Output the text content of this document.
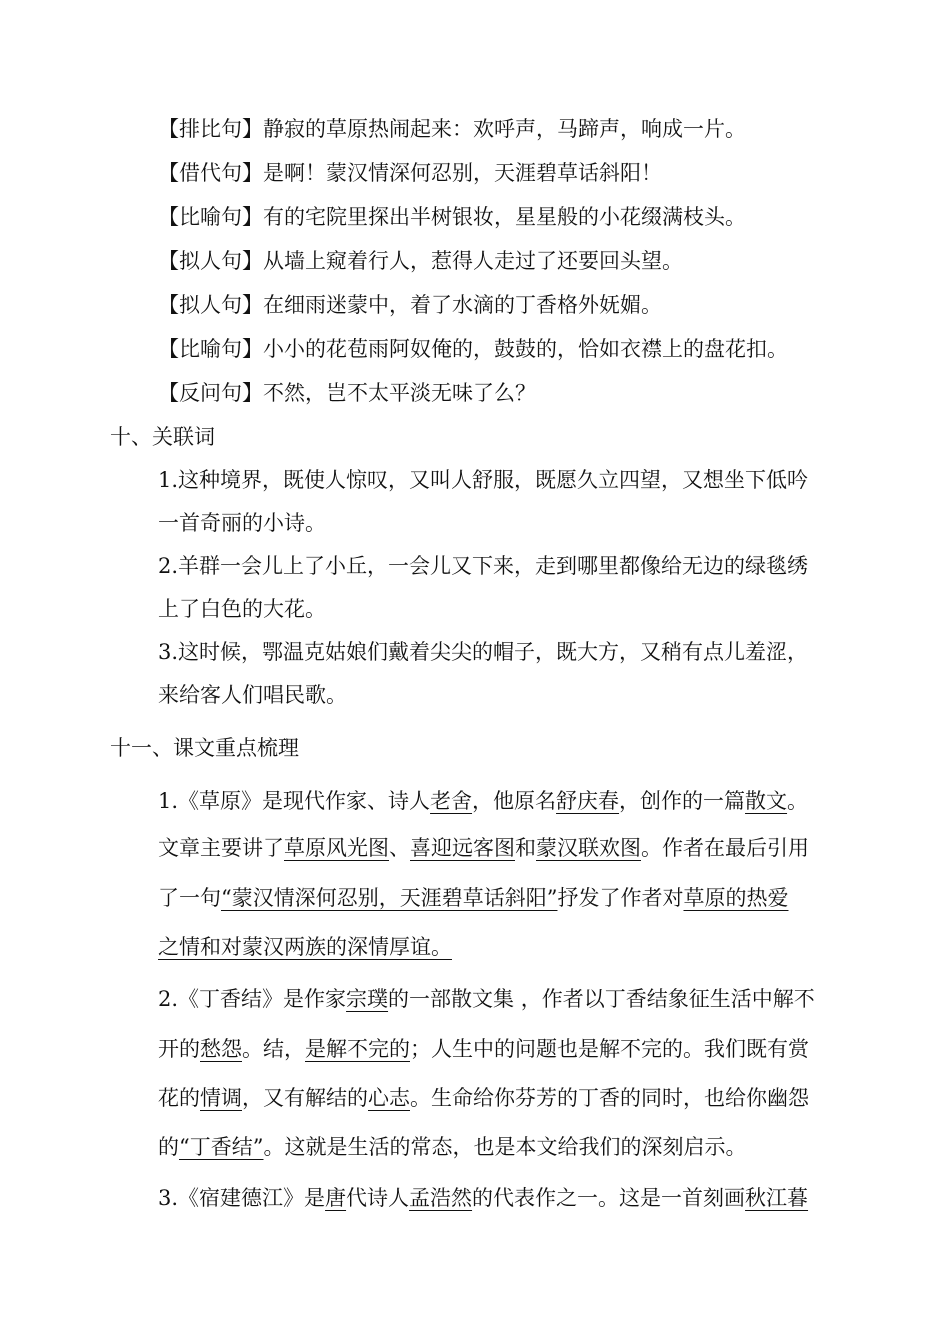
【排比句】静寂的草原热闹起来：欢呼声，马蹄声，响成一片。
【借代句】是啊！蒙汉情深何忍别，天涯碧草话斜阳！
【比喻句】有的宅院里探出半树银妆，星星般的小花缀满枝头。
【拟人句】从墙上窥着行人，惹得人走过了还要回头望。
【拟人句】在细雨迷蒙中，着了水滴的丁香格外妩媚。
【比喻句】小小的花苞雨阿奴俺的，鼓鼓的，恰如衣襟上的盘花扣。
【反问句】不然，岂不太平淡无味了么？
十、关联词
1.这种境界，既使人惊叹，又叫人舒服，既愿久立四望，又想坐下低吟
一首奇丽的小诗。
2.羊群一会儿上了小丘，一会儿又下来，走到哪里都像给无边的绿毯绣
上了白色的大花。
3.这时候，鄂温克姑娘们戴着尖尖的帽子，既大方，又稍有点儿羞涩，
来给客人们唱民歌。
十一、课文重点梳理
1.《草原》是现代作家、诗人老舍，他原名舒庆春，创作的一篇散文。
文章主要讲了草原风光图、喜迎远客图和蒙汉联欢图。作者在最后引用
了一句“蒙汉情深何忍别，天涯碧草话斜阳”抒发了作者对草原的热爱
之情和对蒙汉两族的深情厚谊。
2.《丁香结》是作家宗璞的一部散文集 ，作者以丁香结象征生活中解不
开的愁怨。结，是解不完的；人生中的问题也是解不完的。我们既有赏
花的情调，又有解结的心志。生命给你芬芳的丁香的同时，也给你幽怨
的“丁香结”。这就是生活的常态，也是本文给我们的深刻启示。
3.《宿建德江》是唐代诗人孟浩然的代表作之一。这是一首刻画秋江暮
